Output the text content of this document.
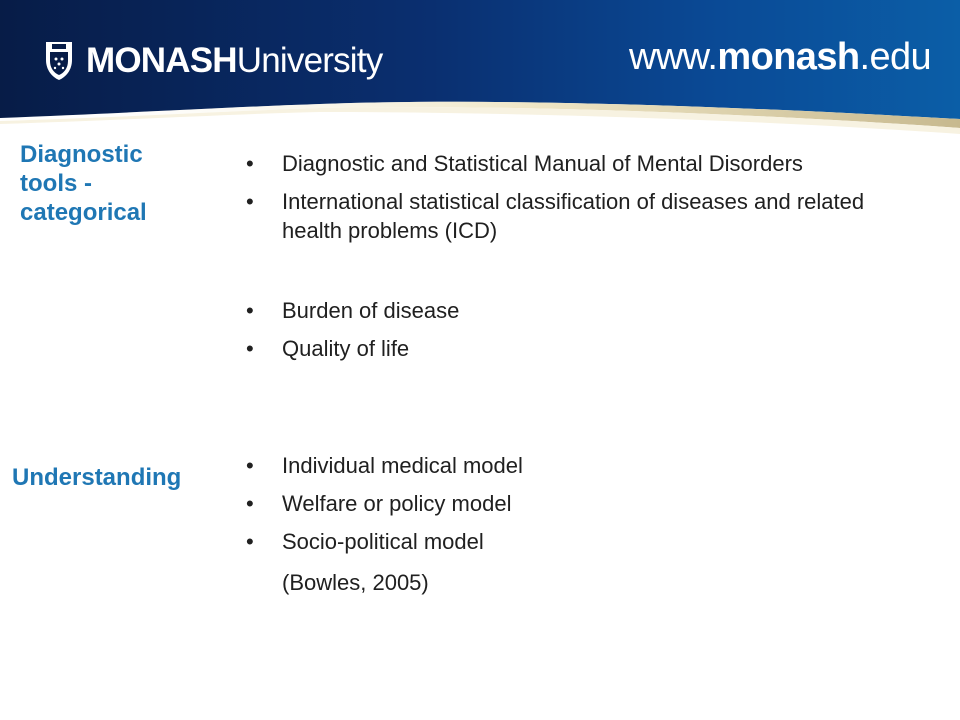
MONASHUniversity	www.monash.edu
Diagnostic
tools -
categorical
• Diagnostic and Statistical Manual of Mental Disorders
• International statistical classification of diseases and related health problems (ICD)
• Burden of disease
• Quality of life
Understanding
•	Individual medical model
• Welfare or policy model
• Socio-political model
(Bowles, 2005)
